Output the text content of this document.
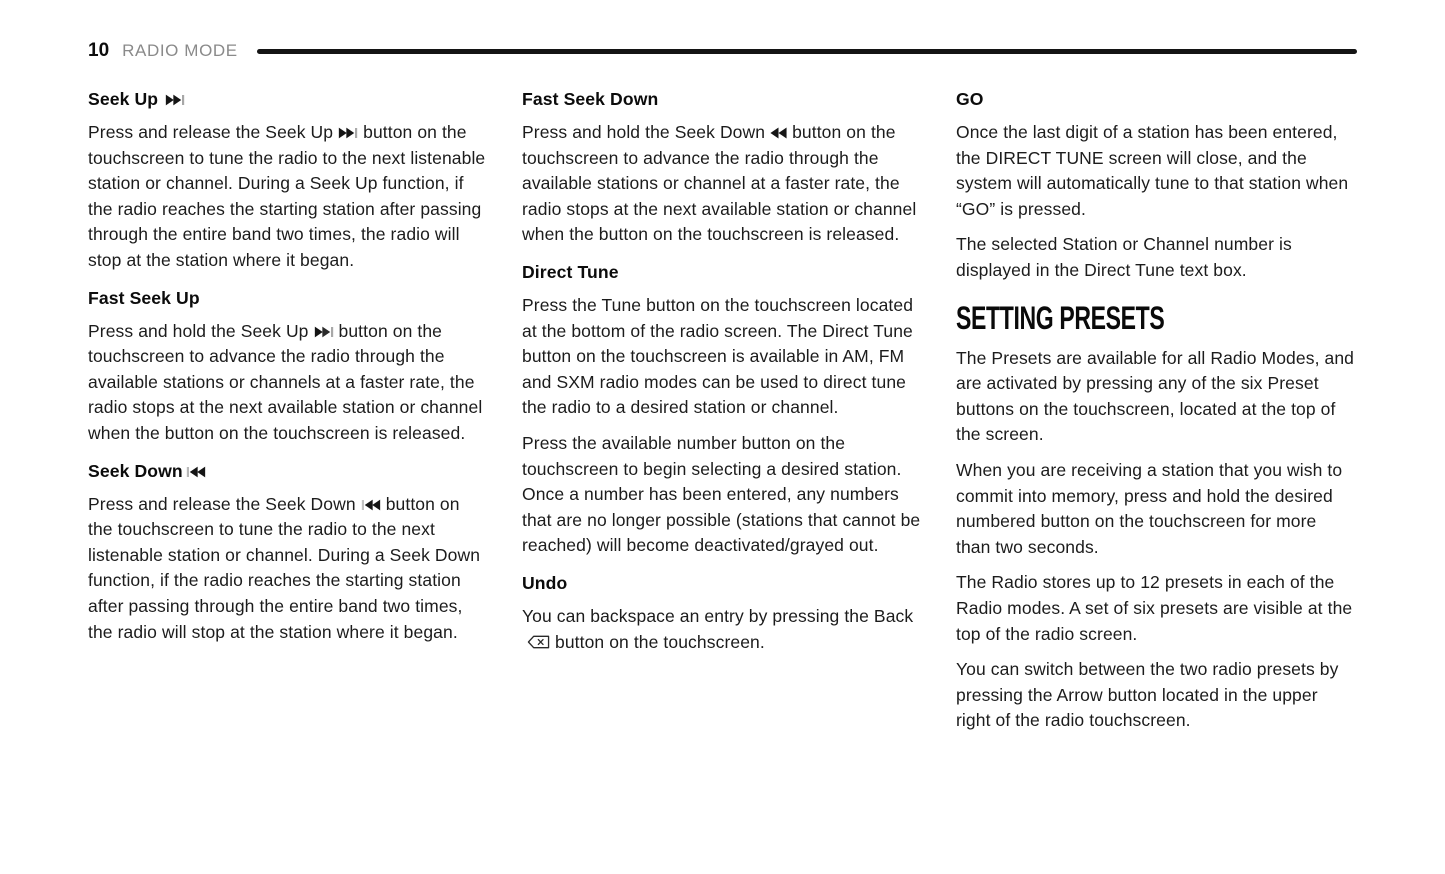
10 RADIO MODE
Seek Up

Press and release the Seek Up button on the touchscreen to tune the radio to the next listenable station or channel. During a Seek Up function, if the radio reaches the starting station after passing through the entire band two times, the radio will stop at the station where it began.

Fast Seek Up

Press and hold the Seek Up button on the touchscreen to advance the radio through the available stations or channels at a faster rate, the radio stops at the next available station or channel when the button on the touchscreen is released.

Seek Down

Press and release the Seek Down button on the touchscreen to tune the radio to the next listenable station or channel. During a Seek Down function, if the radio reaches the starting station after passing through the entire band two times, the radio will stop at the station where it began.

Fast Seek Down

Press and hold the Seek Down button on the touchscreen to advance the radio through the available stations or channel at a faster rate, the radio stops at the next available station or channel when the button on the touchscreen is released.

Direct Tune

Press the Tune button on the touchscreen located at the bottom of the radio screen. The Direct Tune button on the touchscreen is available in AM, FM and SXM radio modes can be used to direct tune the radio to a desired station or channel.

Press the available number button on the touchscreen to begin selecting a desired station. Once a number has been entered, any numbers that are no longer possible (stations that cannot be reached) will become deactivated/grayed out.

Undo

You can backspace an entry by pressing the Backbutton on the touchscreen.

GO

Once the last digit of a station has been entered, the DIRECT TUNE screen will close, and the system will automatically tune to that station when “GO” is pressed.

The selected Station or Channel number is displayed in the Direct Tune text box.

SETTING PRESETS

The Presets are available for all Radio Modes, and are activated by pressing any of the six Preset buttons on the touchscreen, located at the top of the screen.

When you are receiving a station that you wish to commit into memory, press and hold the desired numbered button on the touchscreen for more than two seconds.

The Radio stores up to 12 presets in each of the Radio modes. A set of six presets are visible at the top of the radio screen.

You can switch between the two radio presets by pressing the Arrow button located in the upper right of the radio touchscreen.
